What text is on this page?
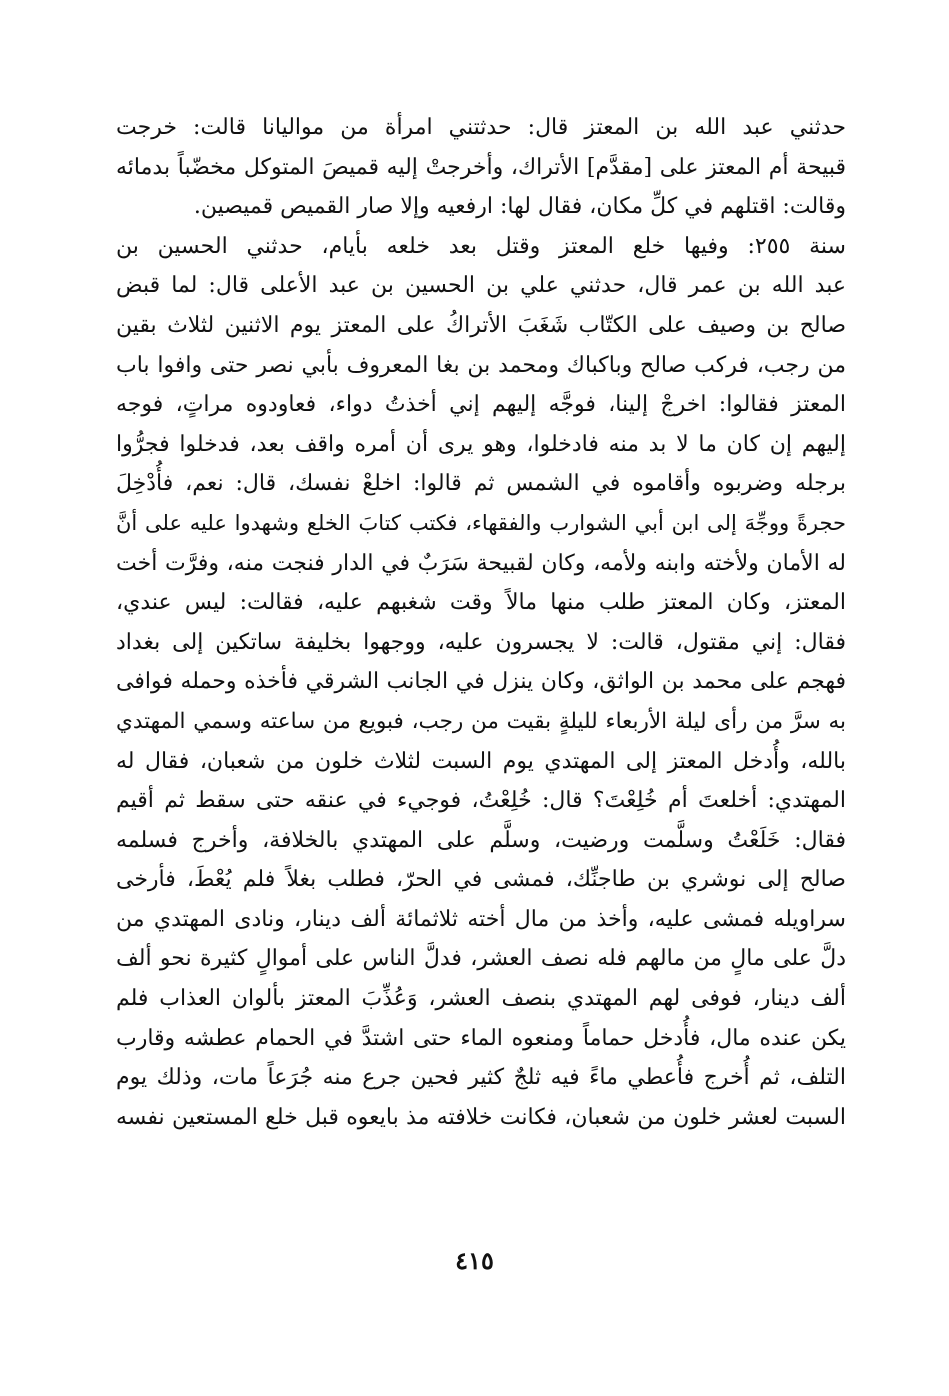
حدثني عبد الله بن المعتز قال: حدثتني امرأة من مواليانا قالت: خرجت
قبيحة أم المعتز على [مقدَّم] الأتراك، وأخرجتْ إليه قميصَ المتوكل مخضّباً بدمائه
وقالت: اقتلهم في كلِّ مكان، فقال لها: ارفعيه وإلا صار القميص قميصين.
سنة ٢٥٥: وفيها خلع المعتز وقتل بعد خلعه بأيام، حدثني الحسين بن
عبد الله بن عمر قال، حدثني علي بن الحسين بن عبد الأعلى قال: لما قبض
صالح بن وصيف على الكتّاب شَغَبَ الأتراكُ على المعتز يوم الاثنين لثلاث بقين
من رجب، فركب صالح وباكباك ومحمد بن بغا المعروف بأبي نصر حتى وافوا باب
المعتز فقالوا: اخرجْ إلينا، فوجَّه إليهم إني أخذتُ دواء، فعاودوه مراتٍ، فوجه
إليهم إن كان ما لا بد منه فادخلوا، وهو يرى أن أمره واقف بعد، فدخلوا فجرُّوا
برجله وضربوه وأقاموه في الشمس ثم قالوا: اخلعْ نفسك، قال: نعم، فأُدْخِلَ
حجرةً ووجِّهَ إلى ابن أبي الشوارب والفقهاء، فكتب كتابَ الخلع وشهدوا عليه على أنَّ
له الأمان ولأخته وابنه ولأمه، وكان لقبيحة سَرَبٌ في الدار فنجت منه، وفرَّت أخت
المعتز، وكان المعتز طلب منها مالاً وقت شغبهم عليه، فقالت: ليس عندي،
فقال: إني مقتول، قالت: لا يجسرون عليه، ووجهوا بخليفة ساتكين إلى بغداد
فهجم على محمد بن الواثق، وكان ينزل في الجانب الشرقي فأخذه وحمله فوافى
به سرَّ من رأى ليلة الأربعاء لليلةٍ بقيت من رجب، فبويع من ساعته وسمي المهتدي
بالله، وأُدخل المعتز إلى المهتدي يوم السبت لثلاث خلون من شعبان، فقال له
المهتدي: أخلعتَ أم خُلِعْتَ؟ قال: خُلِعْتُ، فوجيء في عنقه حتى سقط ثم أقيم
فقال: خَلَعْتُ وسلَّمت ورضيت، وسلَّم على المهتدي بالخلافة، وأخرج فسلمه
صالح إلى نوشري بن طاجنِّك، فمشى في الحرّ، فطلب بغلاً فلم يُعْطَ، فأرخى
سراويله فمشى عليه، وأخذ من مال أخته ثلاثمائة ألف دينار، ونادى المهتدي من
دلَّ على مالٍ من مالهم فله نصف العشر، فدلَّ الناس على أموالٍ كثيرة نحو ألف
ألف دينار، فوفى لهم المهتدي بنصف العشر، وَعُذِّبَ المعتز بألوان العذاب فلم
يكن عنده مال، فأُدخل حماماً ومنعوه الماء حتى اشتدَّ في الحمام عطشه وقارب
التلف، ثم أُخرج فأُعطي ماءً فيه ثلجٌ كثير فحين جرع منه جُرَعاً مات، وذلك يوم
السبت لعشر خلون من شعبان، فكانت خلافته مذ بايعوه قبل خلع المستعين نفسه
٤١٥
